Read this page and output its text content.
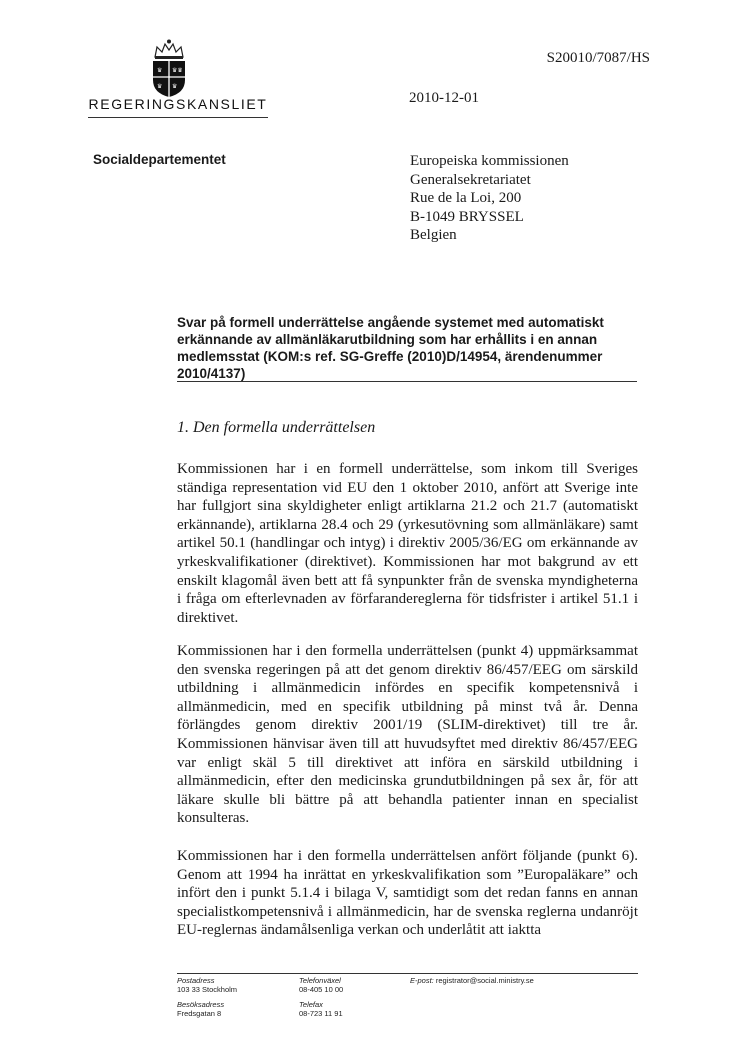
♛ ♛♛
♛ ♛
REGERINGSKANSLIET
S20010/7087/HS
2010-12-01
Socialdepartementet	Europeiska kommissionen
Generalsekretariatet
Rue de la Loi, 200
B-1049 BRYSSEL
Belgien
Svar på formell underrättelse angående systemet med automatiskt erkännande av allmänläkarutbildning som har erhållits i en annan medlemsstat (KOM:s ref. SG-Greffe (2010)D/14954, ärendenummer 2010/4137)
1. Den formella underrättelsen
Kommissionen har i en formell underrättelse, som inkom till Sveriges ständiga representation vid EU den 1 oktober 2010, anfört att Sverige inte har fullgjort sina skyldigheter enligt artiklarna 21.2 och 21.7 (automatiskt erkännande), artiklarna 28.4 och 29 (yrkesutövning som allmänläkare) samt artikel 50.1 (handlingar och intyg) i direktiv 2005/36/EG om erkännande av yrkeskvalifikationer (direktivet). Kommissionen har mot bakgrund av ett enskilt klagomål även bett att få synpunkter från de svenska myndigheterna i fråga om efterlevnaden av förfarandereglerna för tidsfrister i artikel 51.1 i direktivet.
Kommissionen har i den formella underrättelsen (punkt 4) uppmärksammat den svenska regeringen på att det genom direktiv 86/457/EEG om särskild utbildning i allmänmedicin infördes en specifik kompetensnivå i allmänmedicin, med en specifik utbildning på minst två år. Denna förlängdes genom direktiv 2001/19 (SLIM-direktivet) till tre år. Kommissionen hänvisar även till att huvudsyftet med direktiv 86/457/EEG var enligt skäl 5 till direktivet att införa en särskild utbildning i allmänmedicin, efter den medicinska grundutbildningen på sex år, för att läkare skulle bli bättre på att behandla patienter innan en specialist konsulteras.
Kommissionen har i den formella underrättelsen anfört följande (punkt 6). Genom att 1994 ha inrättat en yrkeskvalifikation som ”Europaläkare” och infört den i punkt 5.1.4 i bilaga V, samtidigt som det redan fanns en annan specialistkompetensnivå i allmänmedicin, har de svenska reglerna undanröjt EU-reglernas ändamålsenliga verkan och underlåtit att iaktta
Postadress
103 33 Stockholm
Telefonväxel
08-405 10 00
E-post: registrator@social.ministry.se
Besöksadress
Fredsgatan 8
Telefax
08-723 11 91
